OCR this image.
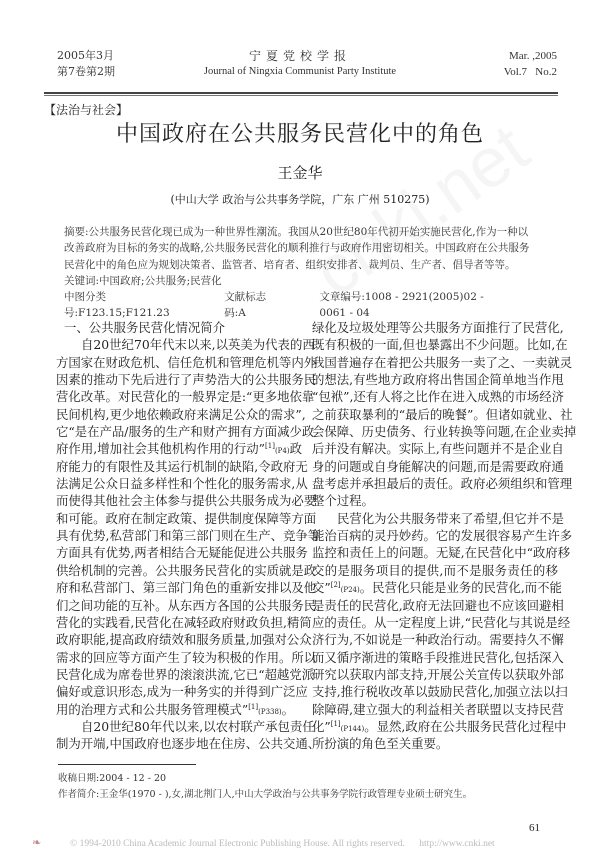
2005年3月
第7卷第2期
宁夏党校学报
Journal of Ningxia Communist Party Institute
Mar. ,2005
Vol.7   No.2
【法治与社会】
中国政府在公共服务民营化中的角色
王金华
(中山大学 政治与公共事务学院，广东 广州 510275)
摘要:公共服务民营化现已成为一种世界性潮流。我国从20世纪80年代初开始实施民营化,作为一种以改善政府为目标的务实的战略,公共服务民营化的顺利推行与政府作用密切相关。中国政府在公共服务民营化中的角色应为规划决策者、监管者、培育者、组织安排者、裁判员、生产者、倡导者等等。
关键词:中国政府;公共服务;民营化
中图分类号:F123.15;F121.23
文献标志码:A
文章编号:1008 - 2921(2005)02 - 0061 - 04
一、公共服务民营化情况简介
自20世纪70年代末以来,以英美为代表的西
方国家在财政危机、信任危机和管理危机等内外
因素的推动下先后进行了声势浩大的公共服务民
营化改革。对民营化的一般界定是:“更多地依靠
民间机构,更少地依赖政府来满足公众的需求”,
它“是在产品/服务的生产和财产拥有方面减少政
府作用,增加社会其他机构作用的行动”[1](P4)政
府能力的有限性及其运行机制的缺陷,令政府无
法满足公众日益多样性和个性化的服务需求,从
而使得其他社会主体参与提供公共服务成为必要
和可能。政府在制定政策、提供制度保障等方面
具有优势,私营部门和第三部门则在生产、竞争等
方面具有优势,两者相结合无疑能促进公共服务
供给机制的完善。公共服务民营化的实质就是政
府和私营部门、第三部门角色的重新安排以及他
们之间功能的互补。从东西方各国的公共服务民
营化的实践看,民营化在减轻政府财政负担,精简
政府职能,提高政府绩效和服务质量,加强对公众
需求的回应等方面产生了较为积极的作用。所以
民营化成为席卷世界的滚滚洪流,它已“超越党派
偏好或意识形态,成为一种务实的并得到广泛应
用的治理方式和公共服务管理模式”[1](P338)。
自20世纪80年代以来,以农村联产承包责任
制为开端,中国政府也逐步地在住房、公共交通、
绿化及垃圾处理等公共服务方面推行了民营化,
既有积极的一面,但也暴露出不少问题。比如,在
我国普遍存在着把公共服务一卖了之、一卖就灵
的想法,有些地方政府将出售国企简单地当作甩
“包袱”,还有人将之比作在进入成熟的市场经济
之前获取暴利的“最后的晚餐”。但诸如就业、社
会保障、历史债务、行业转换等问题,在企业卖掉
后并没有解决。实际上,有些问题并不是企业自
身的问题或自身能解决的问题,而是需要政府通
盘考虑并承担最后的责任。政府必须组织和管理
整个过程。
民营化为公共服务带来了希望,但它并不是
能治百病的灵丹妙药。它的发展很容易产生许多
监控和责任上的问题。无疑,在民营化中“政府移
交的是服务项目的提供,而不是服务责任的移
交”[2](P24)。民营化只能是业务的民营化,而不能
是责任的民营化,政府无法回避也不应该回避相
应的责任。从一定程度上讲,“民营化与其说是经
济行为,不如说是一种政治行动。需要持久不懈
而又循序渐进的策略手段推进民营化,包括深入
研究以获取内部支持,开展公关宣传以获取外部
支持,推行税收改革以鼓励民营化,加强立法以扫
除障碍,建立强大的利益相关者联盟以支持民营
化”[1](P144)。显然,政府在公共服务民营化过程中
所扮演的角色至关重要。
收稿日期:2004 - 12 - 20
作者简介:王金华(1970 - ),女,湖北荆门人,中山大学政治与公共事务学院行政管理专业硕士研究生。
61
❧	© 1994-2010 China Academic Journal Electronic Publishing House. All rights reserved. http://www.cnki.net
